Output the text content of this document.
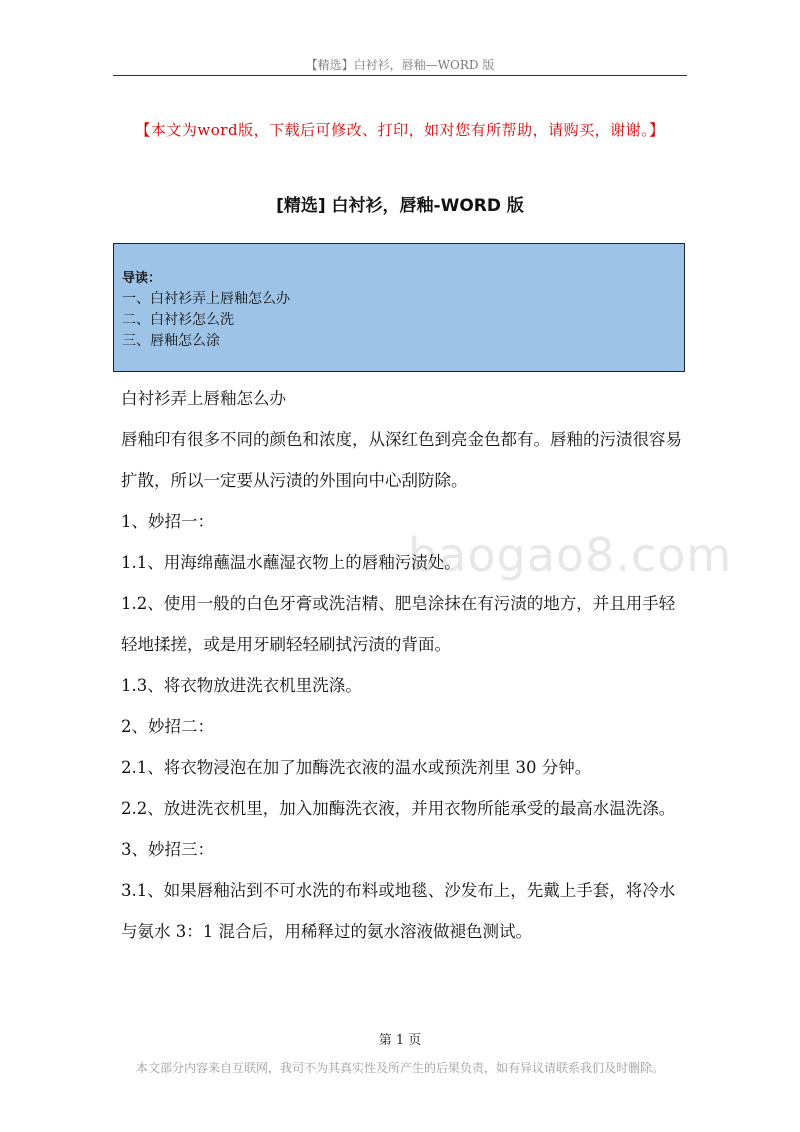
【精选】白衬衫，唇釉—WORD 版
【本文为word版，下载后可修改、打印，如对您有所帮助，请购买，谢谢。】
[精选] 白衬衫，唇釉-WORD 版
导读：
一、白衬衫弄上唇釉怎么办
二、白衬衫怎么洗
三、唇釉怎么涂
baogao8.com

白衬衫弄上唇釉怎么办

唇釉印有很多不同的颜色和浓度，从深红色到亮金色都有。唇釉的污渍很容易扩散，所以一定要从污渍的外围向中心刮防除。

1、妙招一：

1.1、用海绵蘸温水蘸湿衣物上的唇釉污渍处。

1.2、使用一般的白色牙膏或洗洁精、肥皂涂抹在有污渍的地方，并且用手轻轻地揉搓，或是用牙刷轻轻刷拭污渍的背面。

1.3、将衣物放进洗衣机里洗涤。

2、妙招二：

2.1、将衣物浸泡在加了加酶洗衣液的温水或预洗剂里 30 分钟。

2.2、放进洗衣机里，加入加酶洗衣液，并用衣物所能承受的最高水温洗涤。

3、妙招三：

3.1、如果唇釉沾到不可水洗的布料或地毯、沙发布上，先戴上手套，将冷水与氨水 3：1 混合后，用稀释过的氨水溶液做褪色测试。

第 1 页
本文部分内容来自互联网，我司不为其真实性及所产生的后果负责，如有异议请联系我们及时删除。
